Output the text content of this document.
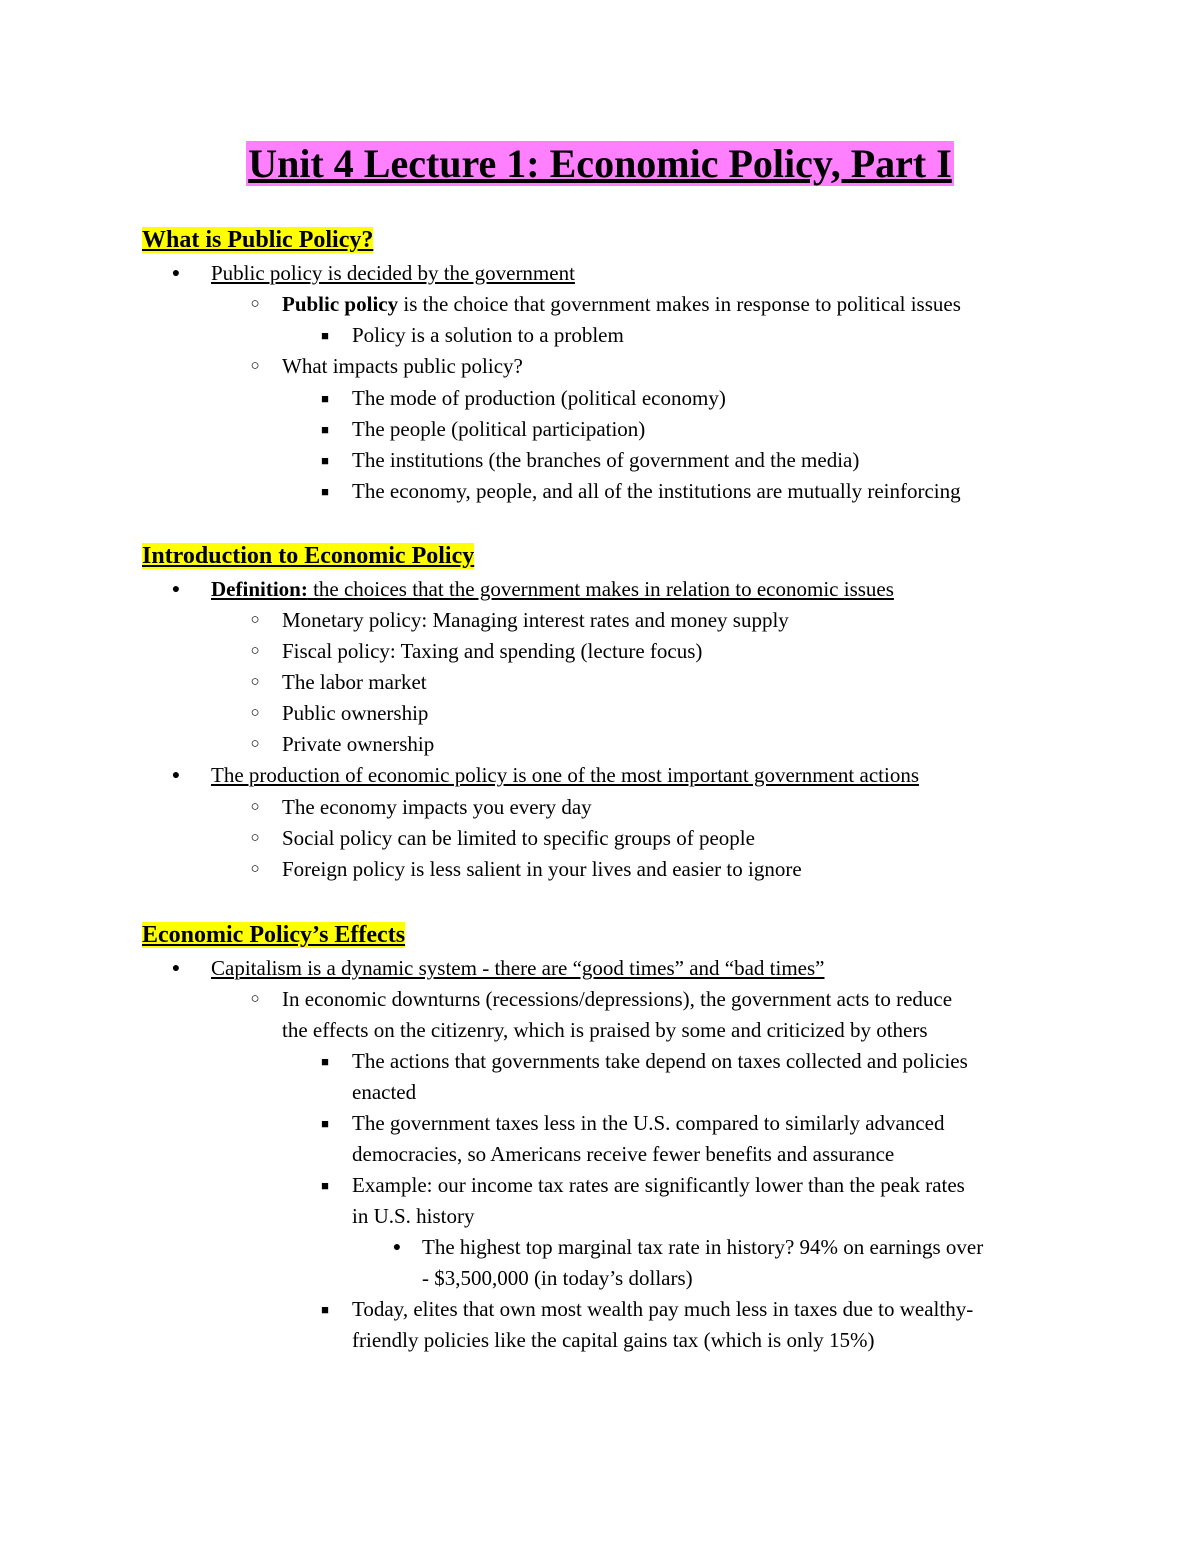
Unit 4 Lecture 1: Economic Policy, Part I
What is Public Policy?
● Public policy is decided by the government
○ Public policy is the choice that government makes in response to political issues
■ Policy is a solution to a problem
○ What impacts public policy?
■ The mode of production (political economy)
■ The people (political participation)
■ The institutions (the branches of government and the media)
■ The economy, people, and all of the institutions are mutually reinforcing
Introduction to Economic Policy
● Definition: the choices that the government makes in relation to economic issues
○ Monetary policy: Managing interest rates and money supply
○ Fiscal policy: Taxing and spending (lecture focus)
○ The labor market
○ Public ownership
○ Private ownership
● The production of economic policy is one of the most important government actions
○ The economy impacts you every day
○ Social policy can be limited to specific groups of people
○ Foreign policy is less salient in your lives and easier to ignore
Economic Policy’s Effects
● Capitalism is a dynamic system - there are “good times” and “bad times”
○ In economic downturns (recessions/depressions), the government acts to reduce
the effects on the citizenry, which is praised by some and criticized by others
■ The actions that governments take depend on taxes collected and policies
enacted
■ The government taxes less in the U.S. compared to similarly advanced
democracies, so Americans receive fewer benefits and assurance
■ Example: our income tax rates are significantly lower than the peak rates
in U.S. history
● The highest top marginal tax rate in history? 94% on earnings over
- $3,500,000 (in today’s dollars)
■ Today, elites that own most wealth pay much less in taxes due to wealthy-
friendly policies like the capital gains tax (which is only 15%)
